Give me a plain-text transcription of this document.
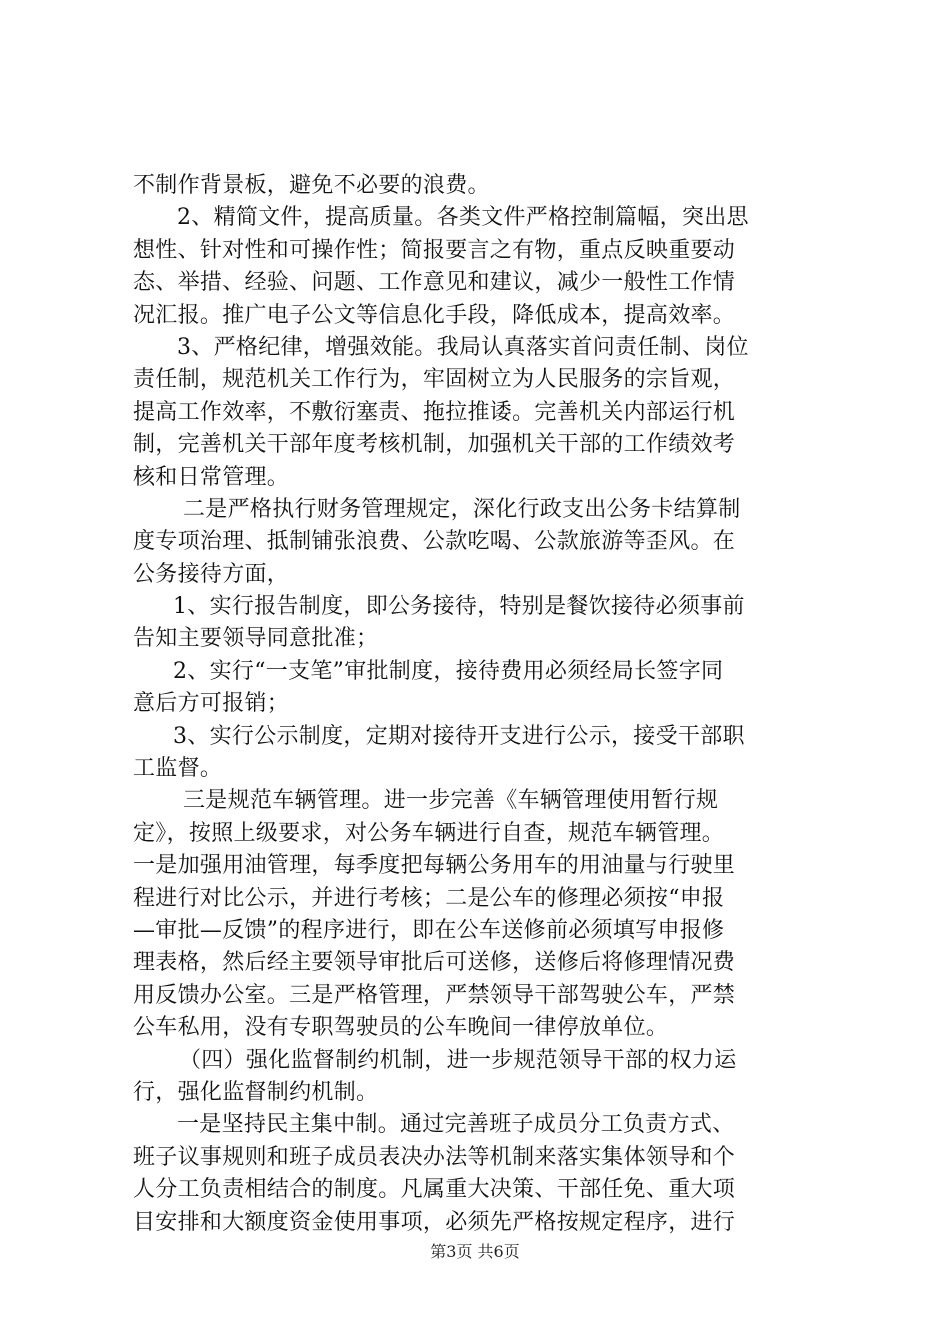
不制作背景板，避免不必要的浪费。
2、精简文件，提高质量。各类文件严格控制篇幅，突出思
想性、针对性和可操作性；简报要言之有物，重点反映重要动
态、举措、经验、问题、工作意见和建议，减少一般性工作情
况汇报。推广电子公文等信息化手段，降低成本，提高效率。
3、严格纪律，增强效能。我局认真落实首问责任制、岗位
责任制，规范机关工作行为，牢固树立为人民服务的宗旨观，
提高工作效率，不敷衍塞责、拖拉推诿。完善机关内部运行机
制，完善机关干部年度考核机制，加强机关干部的工作绩效考
核和日常管理。
二是严格执行财务管理规定，深化行政支出公务卡结算制
度专项治理、抵制铺张浪费、公款吃喝、公款旅游等歪风。在
公务接待方面，
1、实行报告制度，即公务接待，特别是餐饮接待必须事前
告知主要领导同意批准；
2、实行“一支笔”审批制度，接待费用必须经局长签字同
意后方可报销；
3、实行公示制度，定期对接待开支进行公示，接受干部职
工监督。
三是规范车辆管理。进一步完善《车辆管理使用暂行规
定》，按照上级要求，对公务车辆进行自查，规范车辆管理。
一是加强用油管理，每季度把每辆公务用车的用油量与行驶里
程进行对比公示，并进行考核；二是公车的修理必须按“申报
—审批—反馈”的程序进行，即在公车送修前必须填写申报修
理表格，然后经主要领导审批后可送修，送修后将修理情况费
用反馈办公室。三是严格管理，严禁领导干部驾驶公车，严禁
公车私用，没有专职驾驶员的公车晚间一律停放单位。
（四）强化监督制约机制，进一步规范领导干部的权力运
行，强化监督制约机制。
一是坚持民主集中制。通过完善班子成员分工负责方式、
班子议事规则和班子成员表决办法等机制来落实集体领导和个
人分工负责相结合的制度。凡属重大决策、干部任免、重大项
目安排和大额度资金使用事项，必须先严格按规定程序，进行
第3页 共6页
